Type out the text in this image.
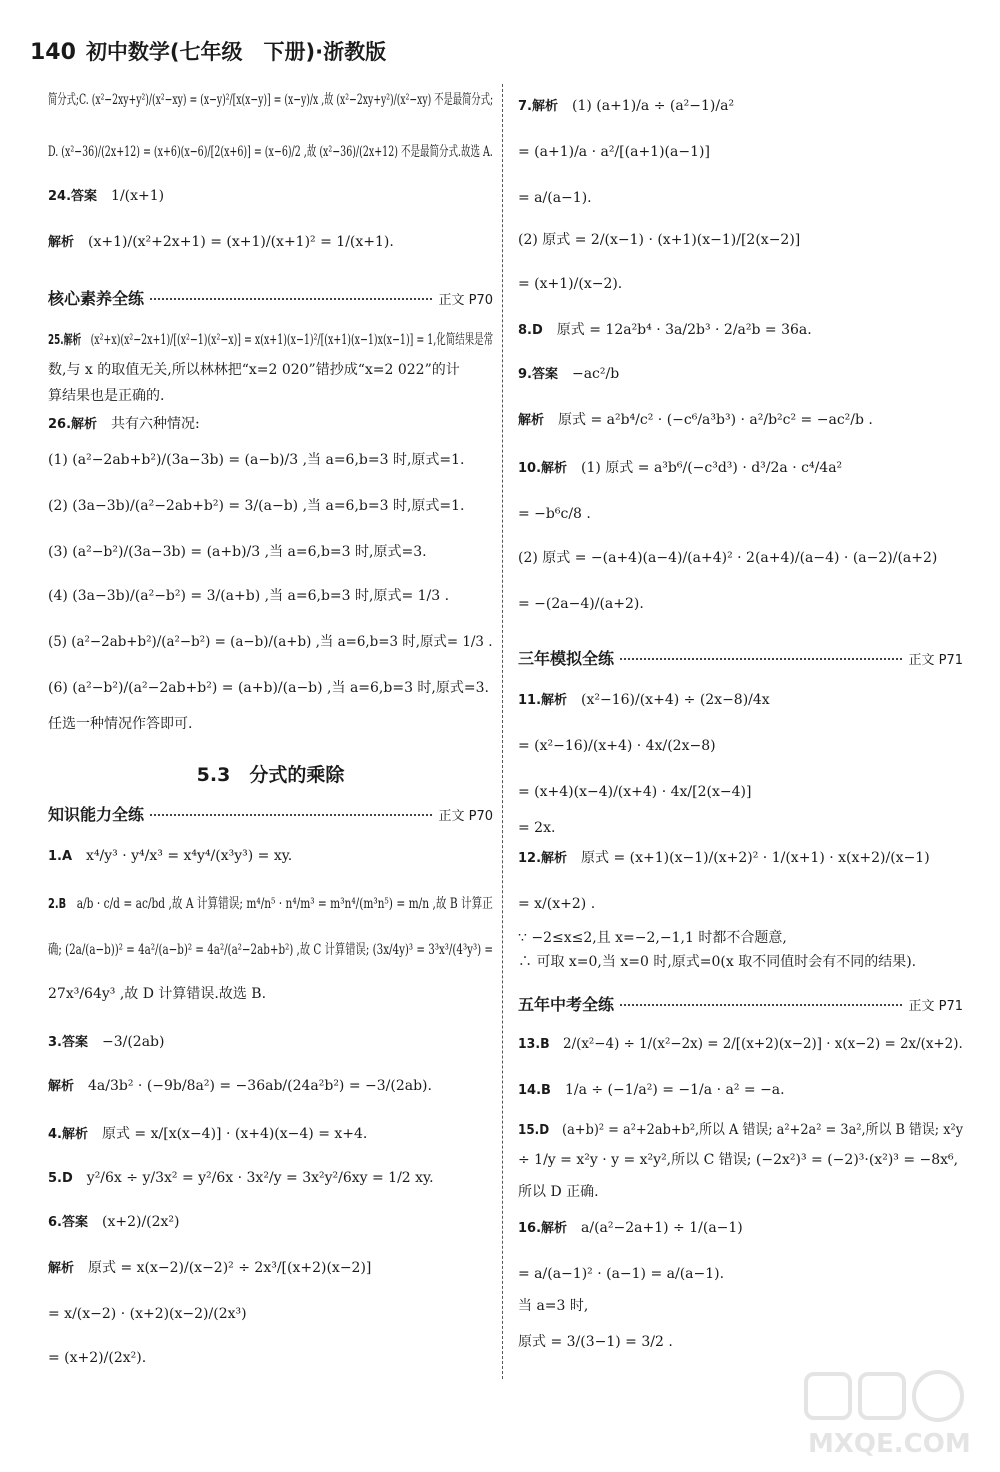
140 初中数学(七年级　下册)·浙教版
简分式;C. (x²−2xy+y²)/(x²−xy) = (x−y)²/[x(x−y)] = (x−y)/x ,故 (x²−2xy+y²)/(x²−xy) 不是最简分式;
D. (x²−36)/(2x+12) = (x+6)(x−6)/[2(x+6)] = (x−6)/2 ,故 (x²−36)/(2x+12) 不是最简分式.故选 A.
24.答案　 1/(x+1)
解析　 (x+1)/(x²+2x+1) = (x+1)/(x+1)² = 1/(x+1).
核心素养全练	正文 P70
25.解析　 (x²+x)(x²−2x+1)/[(x²−1)(x²−x)] = x(x+1)(x−1)²/[(x+1)(x−1)x(x−1)] = 1,化简结果是常
数,与 x 的取值无关,所以林林把“x=2 020”错抄成“x=2 022”的计
算结果也是正确的.
26.解析　 共有六种情况:
(1) (a²−2ab+b²)/(3a−3b) = (a−b)/3 ,当 a=6,b=3 时,原式=1.
(2) (3a−3b)/(a²−2ab+b²) = 3/(a−b) ,当 a=6,b=3 时,原式=1.
(3) (a²−b²)/(3a−3b) = (a+b)/3 ,当 a=6,b=3 时,原式=3.
(4) (3a−3b)/(a²−b²) = 3/(a+b) ,当 a=6,b=3 时,原式= 1/3 .
(5) (a²−2ab+b²)/(a²−b²) = (a−b)/(a+b) ,当 a=6,b=3 时,原式= 1/3 .
(6) (a²−b²)/(a²−2ab+b²) = (a+b)/(a−b) ,当 a=6,b=3 时,原式=3.
任选一种情况作答即可.
5.3　分式的乘除
知识能力全练	正文 P70
1.A　 x⁴/y³ · y⁴/x³ = x⁴y⁴/(x³y³) = xy.
2.B　 a/b · c/d = ac/bd ,故 A 计算错误; m⁴/n⁵ · n⁴/m³ = m³n⁴/(m³n⁵) = m/n ,故 B 计算正
确; (2a/(a−b))² = 4a²/(a−b)² = 4a²/(a²−2ab+b²) ,故 C 计算错误; (3x/4y)³ = 3³x³/(4³y³) =
27x³/64y³ ,故 D 计算错误.故选 B.
3.答案　 −3/(2ab)
解析　 4a/3b² · (−9b/8a²) = −36ab/(24a²b²) = −3/(2ab).
4.解析　 原式 = x/[x(x−4)] · (x+4)(x−4) = x+4.
5.D　 y²/6x ÷ y/3x² = y²/6x · 3x²/y = 3x²y²/6xy = 1/2 xy.
6.答案　 (x+2)/(2x²)
解析　 原式 = x(x−2)/(x−2)² ÷ 2x³/[(x+2)(x−2)]
= x/(x−2) · (x+2)(x−2)/(2x³)
= (x+2)/(2x²).
7.解析　 (1) (a+1)/a ÷ (a²−1)/a²
= (a+1)/a · a²/[(a+1)(a−1)]
= a/(a−1).
(2) 原式 = 2/(x−1) · (x+1)(x−1)/[2(x−2)]
= (x+1)/(x−2).
8.D　 原式 = 12a²b⁴ · 3a/2b³ · 2/a²b = 36a.
9.答案　 −ac²/b
解析　 原式 = a²b⁴/c² · (−c⁶/a³b³) · a²/b²c² = −ac²/b .
10.解析　 (1) 原式 = a³b⁶/(−c³d³) · d³/2a · c⁴/4a²
= −b⁶c/8 .
(2) 原式 = −(a+4)(a−4)/(a+4)² · 2(a+4)/(a−4) · (a−2)/(a+2)
= −(2a−4)/(a+2).
三年模拟全练	正文 P71
11.解析　 (x²−16)/(x+4) ÷ (2x−8)/4x
= (x²−16)/(x+4) · 4x/(2x−8)
= (x+4)(x−4)/(x+4) · 4x/[2(x−4)]
= 2x.
12.解析　 原式 = (x+1)(x−1)/(x+2)² · 1/(x+1) · x(x+2)/(x−1)
= x/(x+2) .
∵ −2≤x≤2,且 x=−2,−1,1 时都不合题意,
∴ 可取 x=0,当 x=0 时,原式=0(x 取不同值时会有不同的结果).
五年中考全练	正文 P71
13.B　 2/(x²−4) ÷ 1/(x²−2x) = 2/[(x+2)(x−2)] · x(x−2) = 2x/(x+2).
14.B　 1/a ÷ (−1/a²) = −1/a · a² = −a.
15.D　 (a+b)² = a²+2ab+b²,所以 A 错误; a²+2a² = 3a²,所以 B 错误; x²y
÷ 1/y = x²y · y = x²y²,所以 C 错误; (−2x²)³ = (−2)³·(x²)³ = −8x⁶,
所以 D 正确.
16.解析　 a/(a²−2a+1) ÷ 1/(a−1)
= a/(a−1)² · (a−1) = a/(a−1).
当 a=3 时,
原式 = 3/(3−1) = 3/2 .
MXQE.COM
